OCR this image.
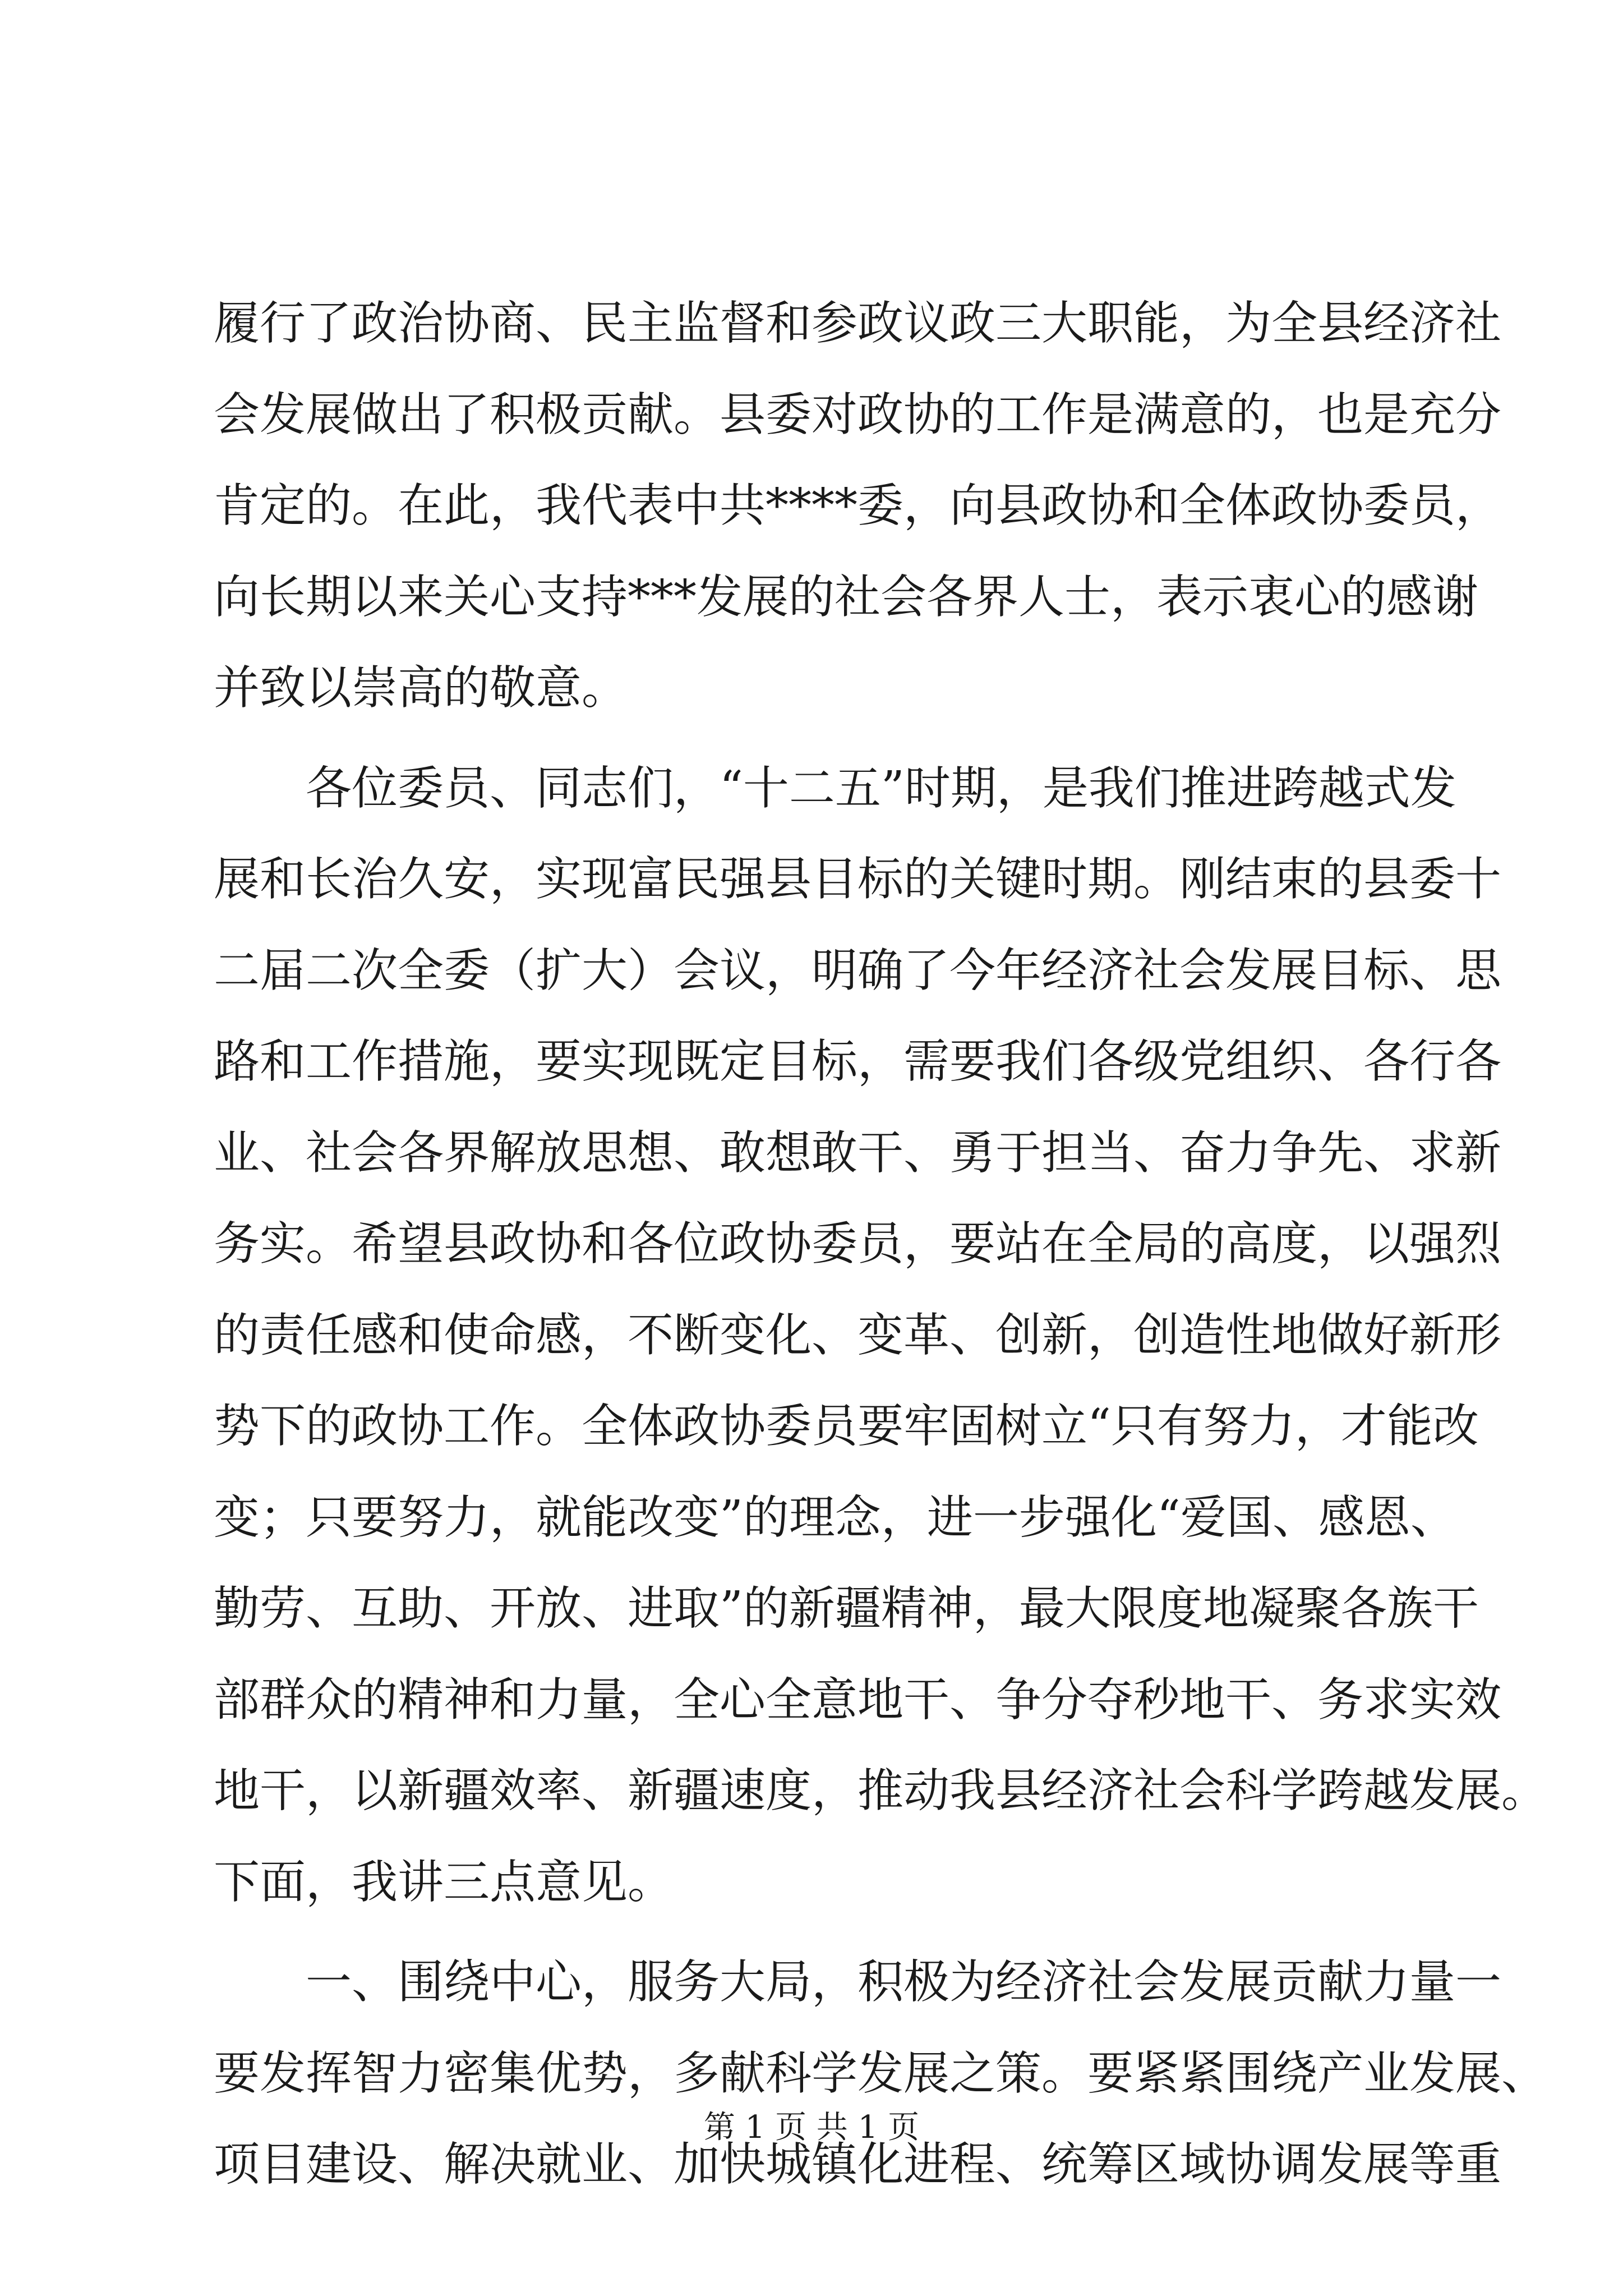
履行了政治协商、民主监督和参政议政三大职能，为全县经济社
会发展做出了积极贡献。县委对政协的工作是满意的，也是充分
肯定的。在此，我代表中共****委，向县政协和全体政协委员，
向长期以来关心支持***发展的社会各界人士，表示衷心的感谢
并致以崇高的敬意。
各位委员、同志们，“十二五”时期，是我们推进跨越式发
展和长治久安，实现富民强县目标的关键时期。刚结束的县委十
二届二次全委（扩大）会议，明确了今年经济社会发展目标、思
路和工作措施，要实现既定目标，需要我们各级党组织、各行各
业、社会各界解放思想、敢想敢干、勇于担当、奋力争先、求新
务实。希望县政协和各位政协委员，要站在全局的高度，以强烈
的责任感和使命感，不断变化、变革、创新，创造性地做好新形
势下的政协工作。全体政协委员要牢固树立“只有努力，才能改
变；只要努力，就能改变”的理念，进一步强化“爱国、感恩、
勤劳、互助、开放、进取”的新疆精神，最大限度地凝聚各族干
部群众的精神和力量，全心全意地干、争分夺秒地干、务求实效
地干，以新疆效率、新疆速度，推动我县经济社会科学跨越发展。
下面，我讲三点意见。
一、围绕中心，服务大局，积极为经济社会发展贡献力量一
要发挥智力密集优势，多献科学发展之策。要紧紧围绕产业发展、
项目建设、解决就业、加快城镇化进程、统筹区域协调发展等重
第 1 页 共 1 页
